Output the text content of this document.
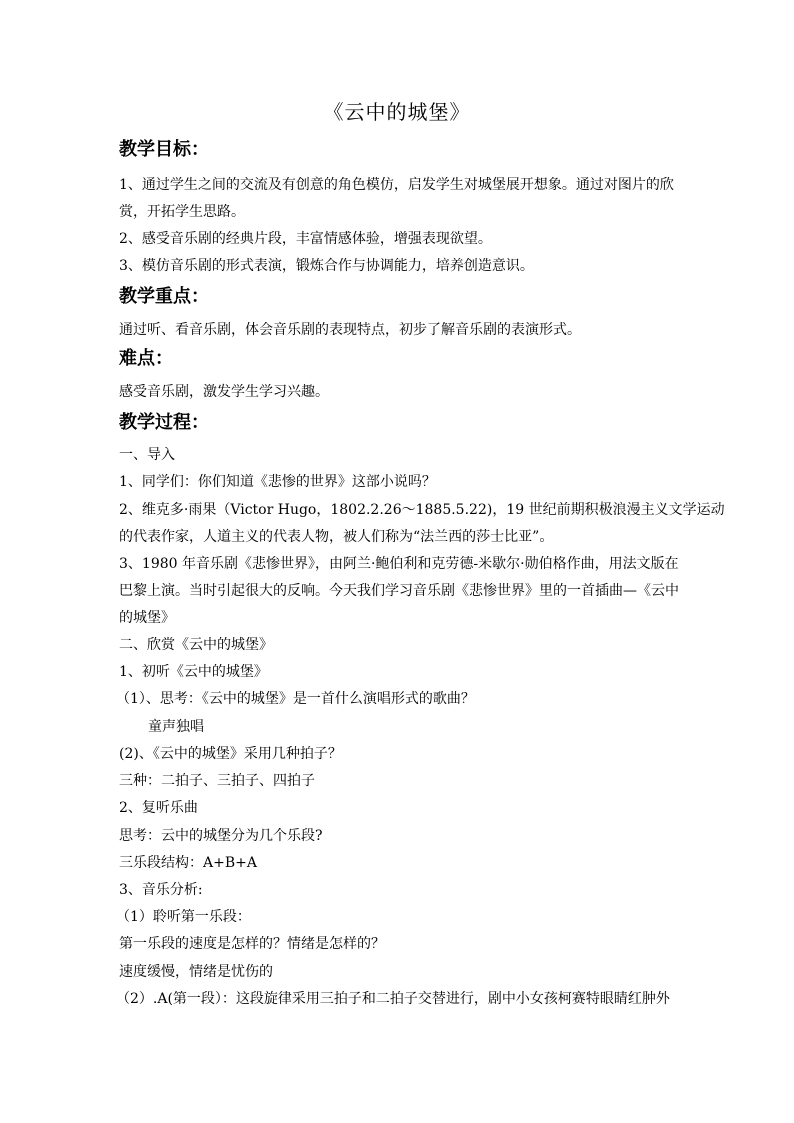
《云中的城堡》
教学目标：
1、通过学生之间的交流及有创意的角色模仿，启发学生对城堡展开想象。通过对图片的欣
赏，开拓学生思路。
2、感受音乐剧的经典片段，丰富情感体验，增强表现欲望。
3、模仿音乐剧的形式表演，锻炼合作与协调能力，培养创造意识。
教学重点：
通过听、看音乐剧，体会音乐剧的表现特点，初步了解音乐剧的表演形式。
难点：
感受音乐剧，激发学生学习兴趣。
教学过程：
一、导入
1、同学们：你们知道《悲惨的世界》这部小说吗？
2、维克多·雨果（Victor Hugo，1802.2.26～1885.5.22)，19 世纪前期积极浪漫主义文学运动
的代表作家，人道主义的代表人物，被人们称为“法兰西的莎士比亚”。
3、1980 年音乐剧《悲惨世界》，由阿兰·鲍伯利和克劳德-米歇尔·勋伯格作曲，用法文版在
巴黎上演。当时引起很大的反响。今天我们学习音乐剧《悲惨世界》里的一首插曲—《云中
的城堡》
二、欣赏《云中的城堡》
1、初听《云中的城堡》
（1）、思考：《云中的城堡》是一首什么演唱形式的歌曲？
童声独唱
(2)、《云中的城堡》采用几种拍子？
三种：二拍子、三拍子、四拍子
2、复听乐曲
思考：云中的城堡分为几个乐段?
三乐段结构：A+B+A
3、音乐分析:
（1）聆听第一乐段：
第一乐段的速度是怎样的？情绪是怎样的？
速度缓慢，情绪是忧伤的
（2）.A(第一段）：这段旋律采用三拍子和二拍子交替进行，剧中小女孩柯赛特眼睛红肿外
